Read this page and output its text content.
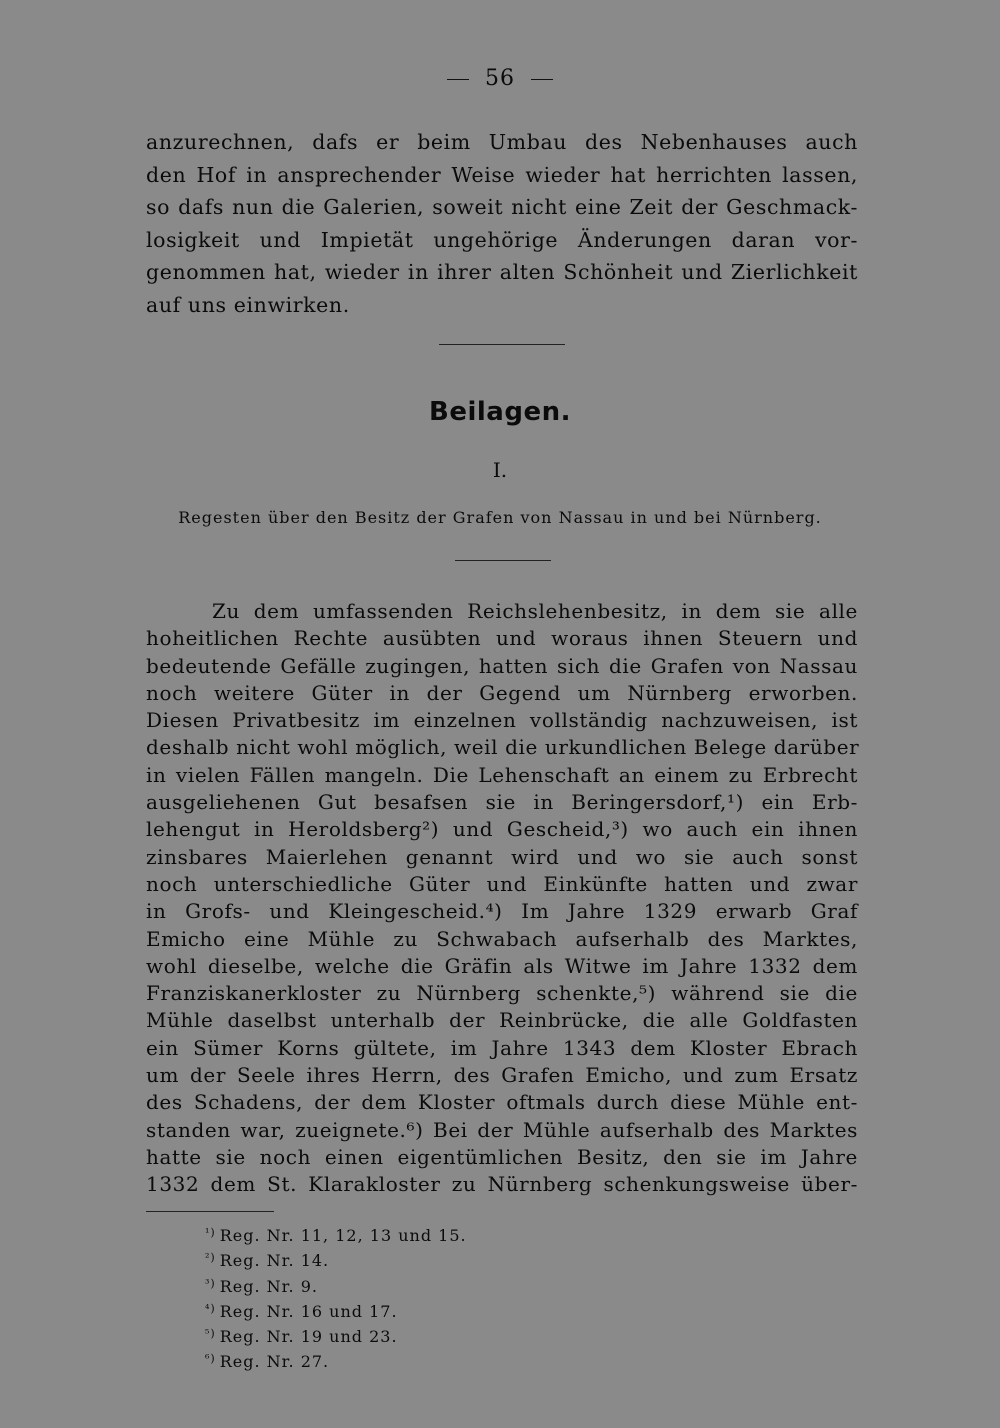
56
anzurechnen, dafs er beim Umbau des Nebenhauses auch
den Hof in ansprechender Weise wieder hat herrichten lassen,
so dafs nun die Galerien, soweit nicht eine Zeit der Geschmack-
losigkeit und Impietät ungehörige Änderungen daran vor-
genommen hat, wieder in ihrer alten Schönheit und Zierlichkeit
auf uns einwirken.
Beilagen.
I.
Regesten über den Besitz der Grafen von Nassau in und bei Nürnberg.
Zu dem umfassenden Reichslehenbesitz, in dem sie alle
hoheitlichen Rechte ausübten und woraus ihnen Steuern und
bedeutende Gefälle zugingen, hatten sich die Grafen von Nassau
noch weitere Güter in der Gegend um Nürnberg erworben.
Diesen Privatbesitz im einzelnen vollständig nachzuweisen, ist
deshalb nicht wohl möglich, weil die urkundlichen Belege darüber
in vielen Fällen mangeln. Die Lehenschaft an einem zu Erbrecht
ausgeliehenen Gut besafsen sie in Beringersdorf,¹) ein Erb-
lehengut in Heroldsberg²) und Gescheid,³) wo auch ein ihnen
zinsbares Maierlehen genannt wird und wo sie auch sonst
noch unterschiedliche Güter und Einkünfte hatten und zwar
in Grofs- und Kleingescheid.⁴) Im Jahre 1329 erwarb Graf
Emicho eine Mühle zu Schwabach aufserhalb des Marktes,
wohl dieselbe, welche die Gräfin als Witwe im Jahre 1332 dem
Franziskanerkloster zu Nürnberg schenkte,⁵) während sie die
Mühle daselbst unterhalb der Reinbrücke, die alle Goldfasten
ein Sümer Korns gültete, im Jahre 1343 dem Kloster Ebrach
um der Seele ihres Herrn, des Grafen Emicho, und zum Ersatz
des Schadens, der dem Kloster oftmals durch diese Mühle ent-
standen war, zueignete.⁶) Bei der Mühle aufserhalb des Marktes
hatte sie noch einen eigentümlichen Besitz, den sie im Jahre
1332 dem St. Klarakloster zu Nürnberg schenkungsweise über-
$^{^1)}$ Reg. Nr. 11, 12, 13 und 15.
$^{^2)}$ Reg. Nr. 14.
$^{^3)}$ Reg. Nr. 9.
$^{^4)}$ Reg. Nr. 16 und 17.
$^{^5)}$ Reg. Nr. 19 und 23.
$^{^6)}$ Reg. Nr. 27.
